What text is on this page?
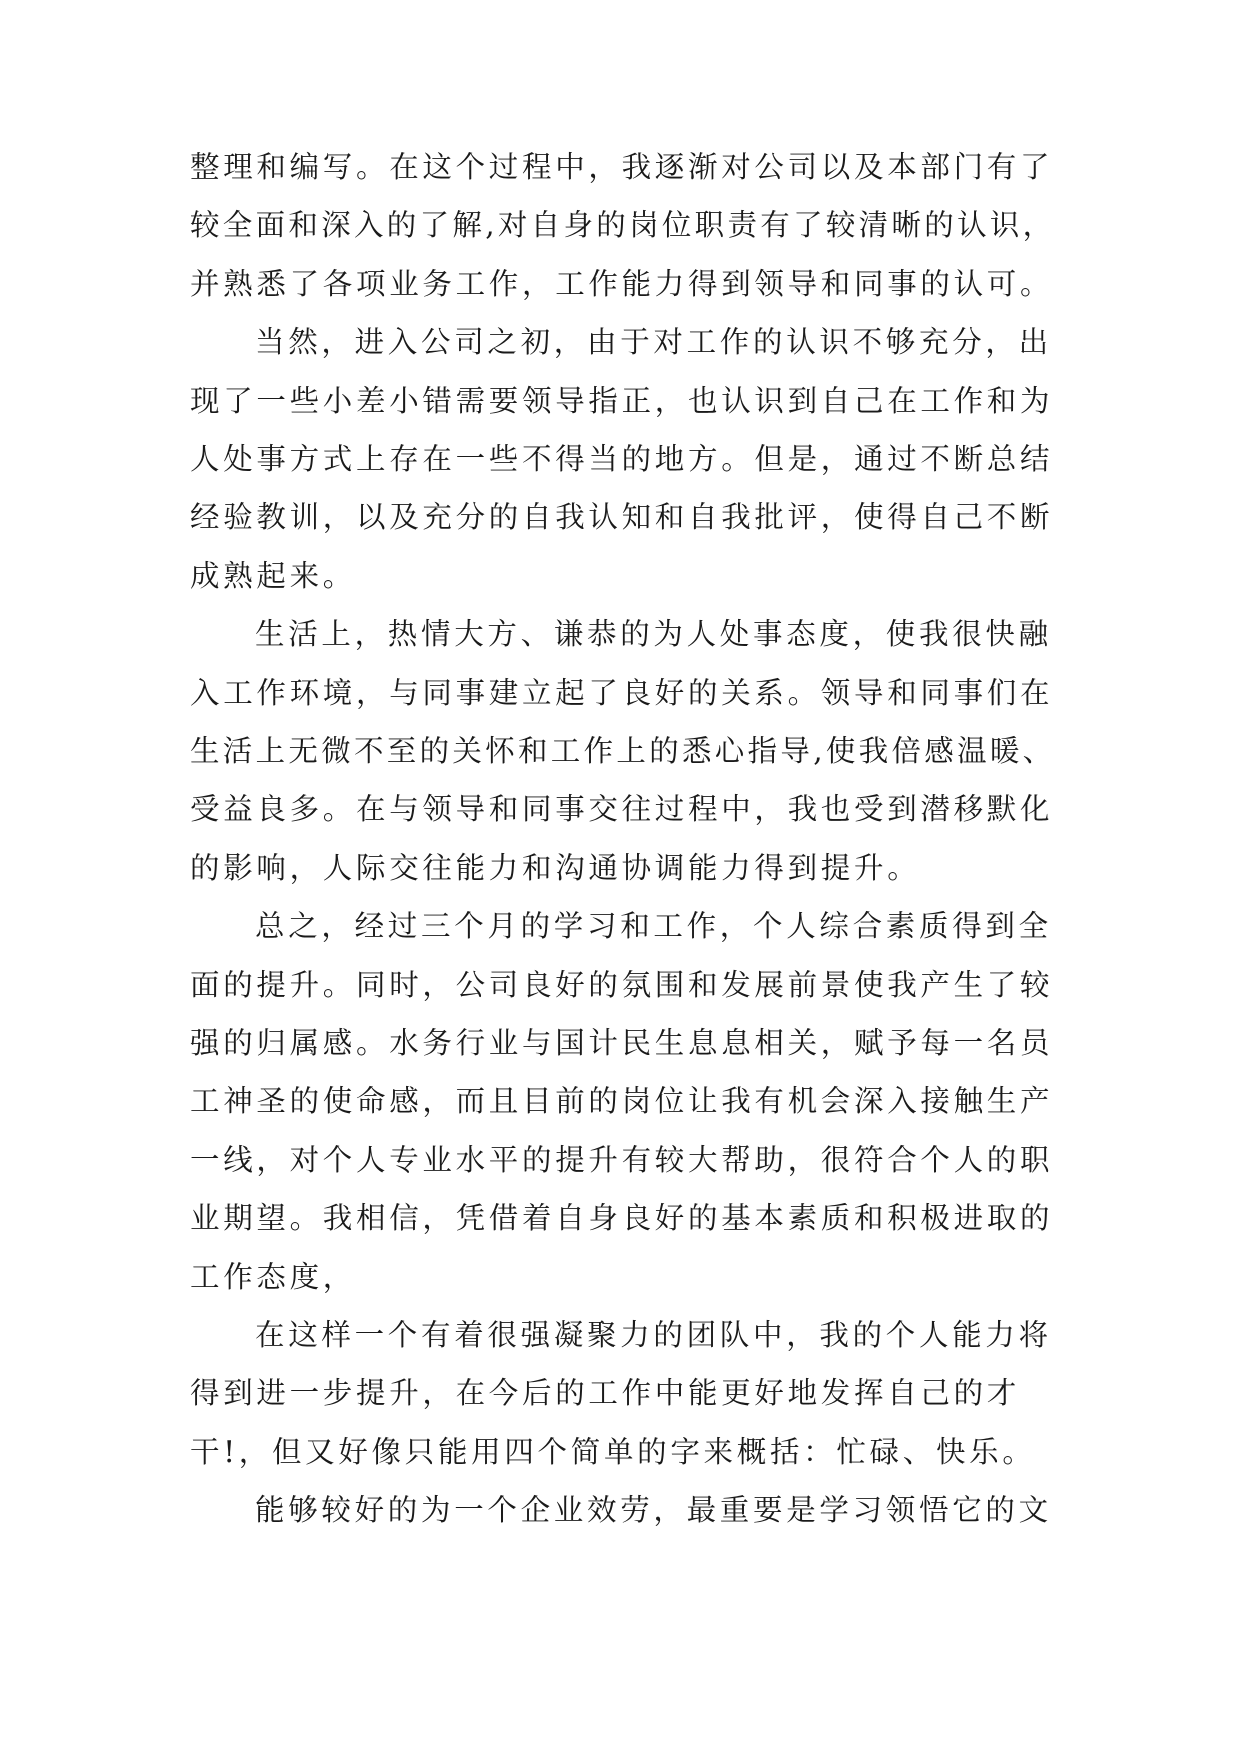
整理和编写。在这个过程中，我逐渐对公司以及本部门有了

较全面和深入的了解,对自身的岗位职责有了较清晰的认识，

并熟悉了各项业务工作，工作能力得到领导和同事的认可。

当然，进入公司之初，由于对工作的认识不够充分，出

现了一些小差小错需要领导指正，也认识到自己在工作和为

人处事方式上存在一些不得当的地方。但是，通过不断总结

经验教训，以及充分的自我认知和自我批评，使得自己不断

成熟起来。

生活上，热情大方、谦恭的为人处事态度，使我很快融

入工作环境，与同事建立起了良好的关系。领导和同事们在

生活上无微不至的关怀和工作上的悉心指导,使我倍感温暖、

受益良多。在与领导和同事交往过程中，我也受到潜移默化

的影响，人际交往能力和沟通协调能力得到提升。

总之，经过三个月的学习和工作，个人综合素质得到全

面的提升。同时，公司良好的氛围和发展前景使我产生了较

强的归属感。水务行业与国计民生息息相关，赋予每一名员

工神圣的使命感，而且目前的岗位让我有机会深入接触生产

一线，对个人专业水平的提升有较大帮助，很符合个人的职

业期望。我相信，凭借着自身良好的基本素质和积极进取的

工作态度，

在这样一个有着很强凝聚力的团队中，我的个人能力将

得到进一步提升，在今后的工作中能更好地发挥自己的才

干!，但又好像只能用四个简单的字来概括：忙碌、快乐。

能够较好的为一个企业效劳，最重要是学习领悟它的文
